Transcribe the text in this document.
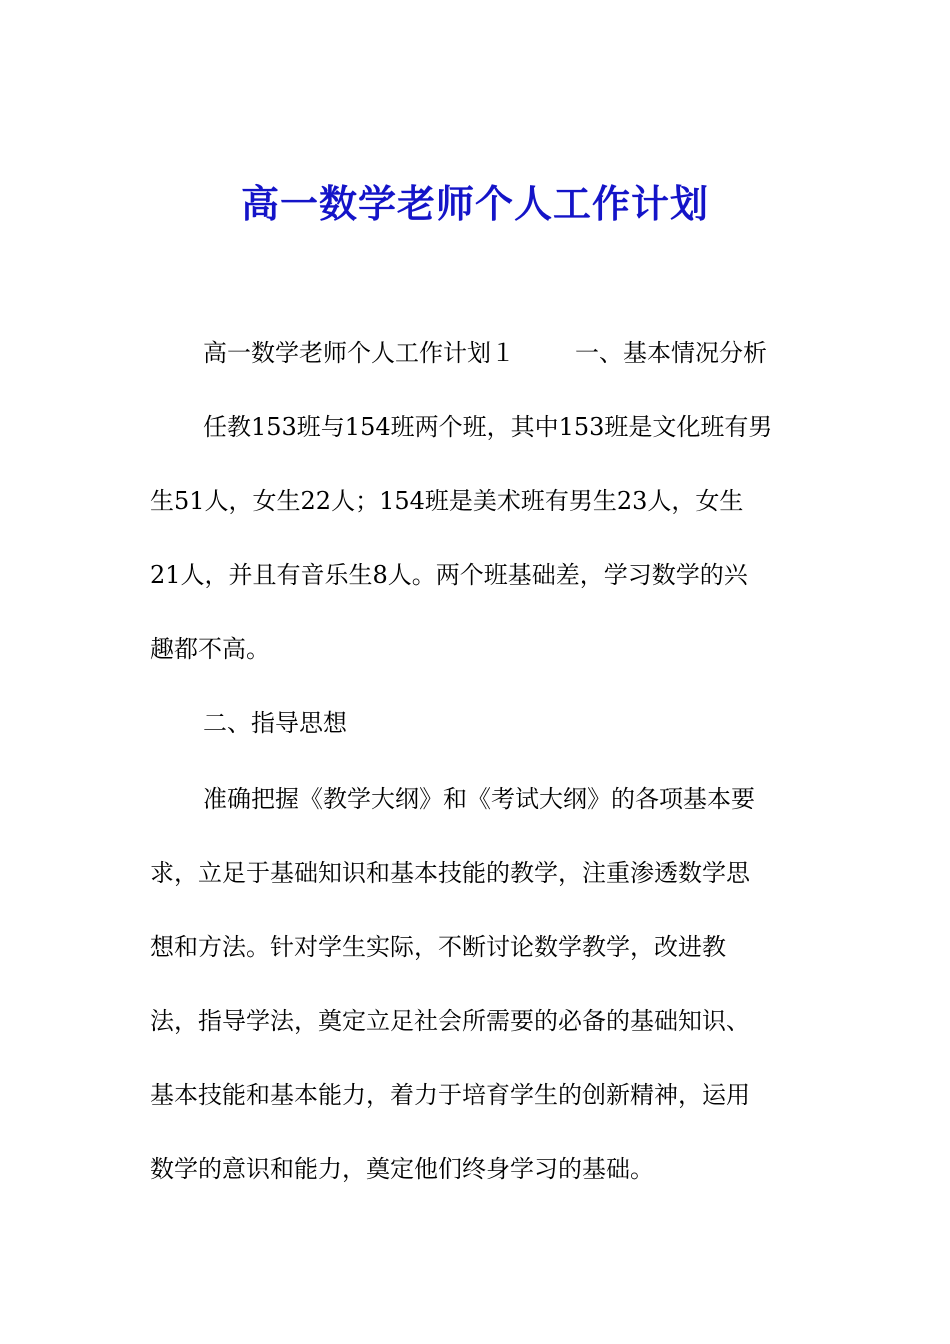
高一数学老师个人工作计划
高一数学老师个人工作计划１	一、基本情况分析
任教153班与154班两个班，其中153班是文化班有男
生51人，女生22人；154班是美术班有男生23人，女生
21人，并且有音乐生8人。两个班基础差，学习数学的兴
趣都不高。
二、指导思想
准确把握《教学大纲》和《考试大纲》的各项基本要
求，立足于基础知识和基本技能的教学，注重渗透数学思
想和方法。针对学生实际，不断讨论数学教学，改进教
法，指导学法，奠定立足社会所需要的必备的基础知识、
基本技能和基本能力，着力于培育学生的创新精神，运用
数学的意识和能力，奠定他们终身学习的基础。
